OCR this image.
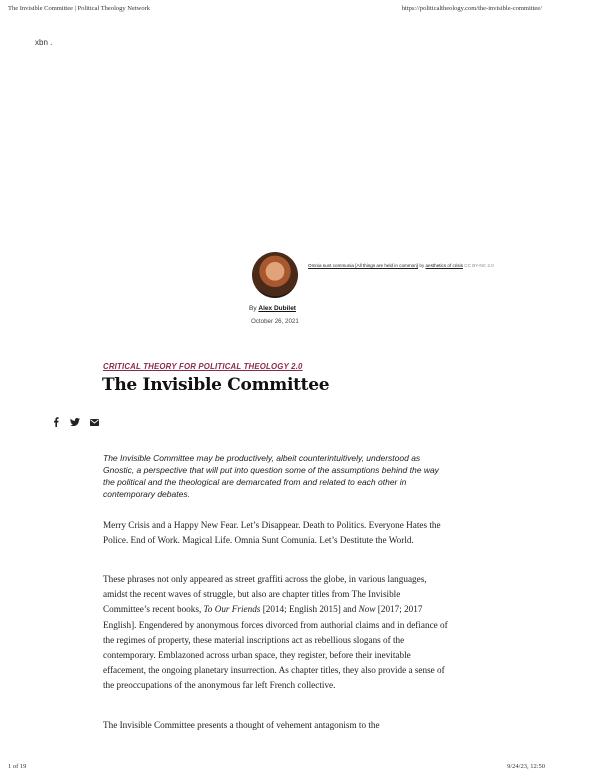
The Invisible Committee | Political Theology Network	https://politicaltheology.com/the-invisible-committee/
xbn .
Omnia sunt communia [All things are held in common] by aesthetics of crisis CC BY-NC 2.0
By Alex Dubilet
October 26, 2021
CRITICAL THEORY FOR POLITICAL THEOLOGY 2.0
The Invisible Committee

The Invisible Committee may be productively, albeit counterintuitively, understood as Gnostic, a perspective that will put into question some of the assumptions behind the way the political and the theological are demarcated from and related to each other in contemporary debates.

Merry Crisis and a Happy New Fear. Let’s Disappear. Death to Politics. Everyone Hates the Police. End of Work. Magical Life. Omnia Sunt Comunia. Let’s Destitute the World.

These phrases not only appeared as street graffiti across the globe, in various languages, amidst the recent waves of struggle, but also are chapter titles from The Invisible Committee’s recent books, To Our Friends [2014; English 2015] and Now [2017; 2017 English]. Engendered by anonymous forces divorced from authorial claims and in defiance of the regimes of property, these material inscriptions act as rebellious slogans of the contemporary. Emblazoned across urban space, they register, before their inevitable effacement, the ongoing planetary insurrection. As chapter titles, they also provide a sense of the preoccupations of the anonymous far left French collective.

The Invisible Committee presents a thought of vehement antagonism to the

1 of 19	9/24/23, 12:50
